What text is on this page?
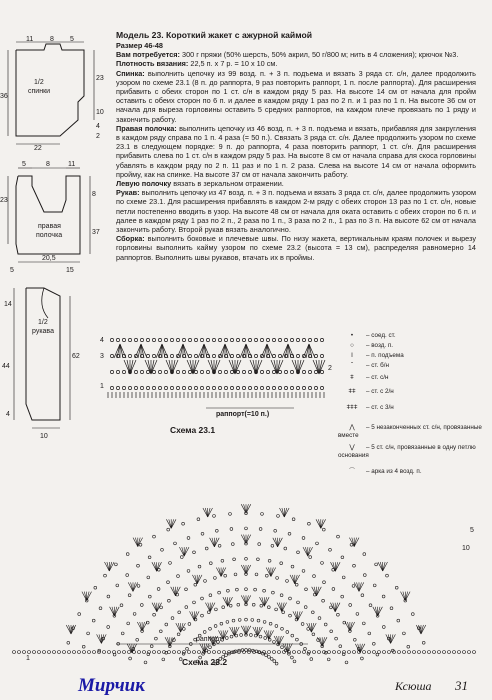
11 8 5
36
23
10
4
2
22
1/2
спинки
5	8	11
23
8
37
20,5
15
5
правая
полочка
14
44
62
4
10
1/2
рукава

Модель 23. Короткий жакет с ажурной каймой

Размер 46-48

Вам потребуется: 300 г пряжи (50% шерсть, 50% акрил, 50 г/800 м; нить в 4 сложения); крючок №3.

Плотность вязания: 22,5 п. х 7 р. = 10 х 10 см.

Спинка: выполнить цепочку из 99 возд. п. + 3 п. подъема и вязать 3 ряда ст. с/н, далее продолжить узором по схеме 23.1 (8 п. до раппорта, 9 раз повторить раппорт, 1 п. после раппорта). Для расширения прибавить с обеих сторон по 1 ст. с/н в каждом ряду 5 раз. На высоте 14 см от начала для пройм оставить с обеих сторон по 6 п. и далее в каждом ряду 1 раз по 2 п. и 1 раз по 1 п. На высоте 36 см от начала для выреза горловины оставить 5 средних раппортов, на каждом плече провязать по 1 ряду и закончить работу.

Правая полочка: выполнить цепочку из 46 возд. п. + 3 п. подъема и вязать, прибавляя для закругления в каждом ряду справа по 1 п. 4 раза (= 50 п.). Связать 3 ряда ст. с/н. Далее продолжить узором по схеме 23.1 в следующем порядке: 9 п. до раппорта, 4 раза повторить раппорт, 1 ст. с/н. Для расширения прибавить слева по 1 ст. с/н в каждом ряду 5 раз. На высоте 8 см от начала справа для скоса горловины убавлять в каждом ряду по 2 п. 11 раз и по 1 п. 2 раза. Слева на высоте 14 см от начала оформить пройму, как на спинке. На высоте 37 см от начала закончить работу.

Левую полочку вязать в зеркальном отражении.

Рукав: выполнить цепочку из 47 возд. п. + 3 п. подъема и вязать 3 ряда ст. с/н, далее продолжить узором по схеме 23.1. Для расширения прибавлять в каждом 2-м ряду с обеих сторон 13 раз по 1 ст. с/н, новые петли постепенно вводить в узор. На высоте 48 см от начала для оката оставить с обеих сторон по 6 п. и далее в каждом ряду 1 раз по 2 п., 2 раза по 1 п., 3 раза по 2 п., 1 раз по 3 п. На высоте 62 см от начала закончить работу. Второй рукав вязать аналогично.

Сборка: выполнить боковые и плечевые швы. По низу жакета, вертикальным краям полочек и вырезу горловины выполнить кайму узором по схеме 23.2 (высота = 13 см), распределяя равномерно 14 раппортов. Выполнить швы рукавов, втачать их в проймы.

4
3
2
1
раппорт(=10 п.)
Схема 23.1
• – соед. ст.
○ – возд. п.
I – п. подъема
ˆ – ст. б/н
ǂ – ст. с/н
ǂǂ – ст. с 2/н
ǂǂǂ – ст. с 3/н
⋀ – 5 незаконченных ст. с/н, провязанные вместе
⋁ – 5 ст. с/н, провязанные в одну петлю основания
⌒ – арка из 4 возд. п.
1
5
10
раппорт
Схема 23.2
Мирчик	Ксюша 31
